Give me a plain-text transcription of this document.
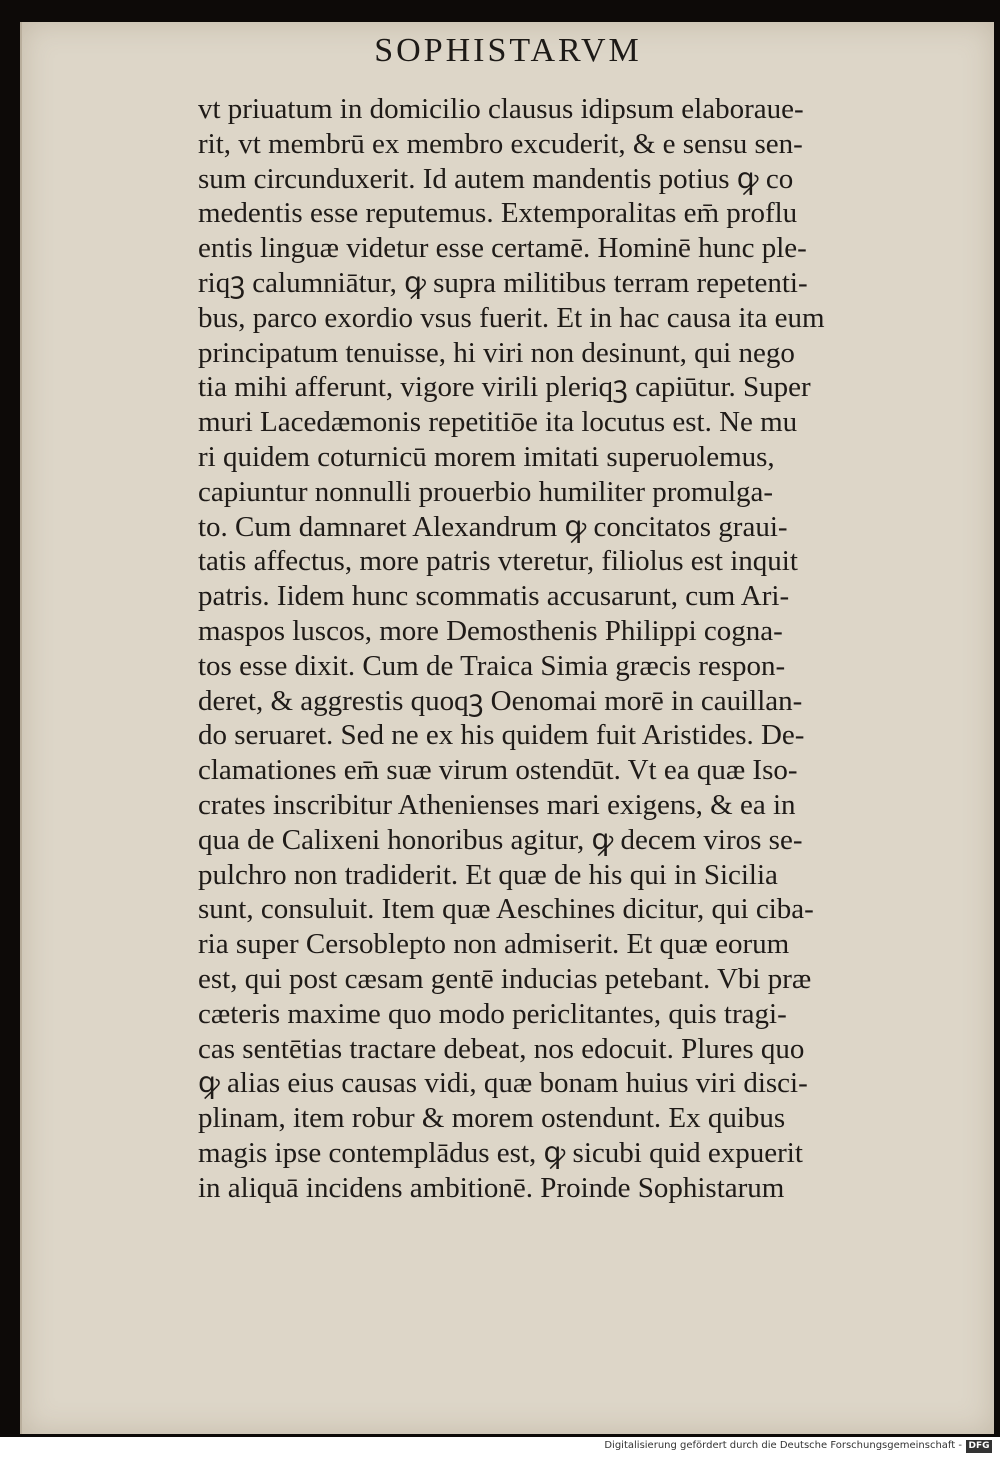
SOPHISTARVM
vt priuatum in domicilio clausus idipsum elaboraue-
rit, vt membrū ex membro excuderit, & e sensu sen-
sum circunduxerit. Id autem mandentis potius ꝙ co
medentis esse reputemus. Extemporalitas em̄ proflu
entis linguæ videtur esse certamē. Hominē hunc ple-
riqꝫ calumniātur, ꝙ supra militibus terram repetenti-
bus, parco exordio vsus fuerit. Et in hac causa ita eum
principatum tenuisse, hi viri non desinunt, qui nego
tia mihi afferunt, vigore virili pleriqꝫ capiūtur. Super
muri Lacedæmonis repetitiōe ita locutus est. Ne mu
ri quidem coturnicū morem imitati superuolemus,
capiuntur nonnulli prouerbio humiliter promulga-
to. Cum damnaret Alexandrum ꝙ concitatos graui-
tatis affectus, more patris vteretur, filiolus est inquit
patris. Iidem hunc scommatis accusarunt, cum Ari-
maspos luscos, more Demosthenis Philippi cogna-
tos esse dixit. Cum de Traica Simia græcis respon-
deret, & aggrestis quoqꝫ Oenomai morē in cauillan-
do seruaret. Sed ne ex his quidem fuit Aristides. De-
clamationes em̄ suæ virum ostendūt. Vt ea quæ Iso-
crates inscribitur Athenienses mari exigens, & ea in
qua de Calixeni honoribus agitur, ꝙ decem viros se-
pulchro non tradiderit. Et quæ de his qui in Sicilia
sunt, consuluit. Item quæ Aeschines dicitur, qui ciba-
ria super Cersoblepto non admiserit. Et quæ eorum
est, qui post cæsam gentē inducias petebant. Vbi præ
cæteris maxime quo modo periclitantes, quis tragi-
cas sentētias tractare debeat, nos edocuit. Plures quo
ꝙ alias eius causas vidi, quæ bonam huius viri disci-
plinam, item robur & morem ostendunt. Ex quibus
magis ipse contemplādus est, ꝙ sicubi quid expuerit
in aliquā incidens ambitionē. Proinde Sophistarum
Digitalisierung gefördert durch die Deutsche Forschungsgemeinschaft - DFG
